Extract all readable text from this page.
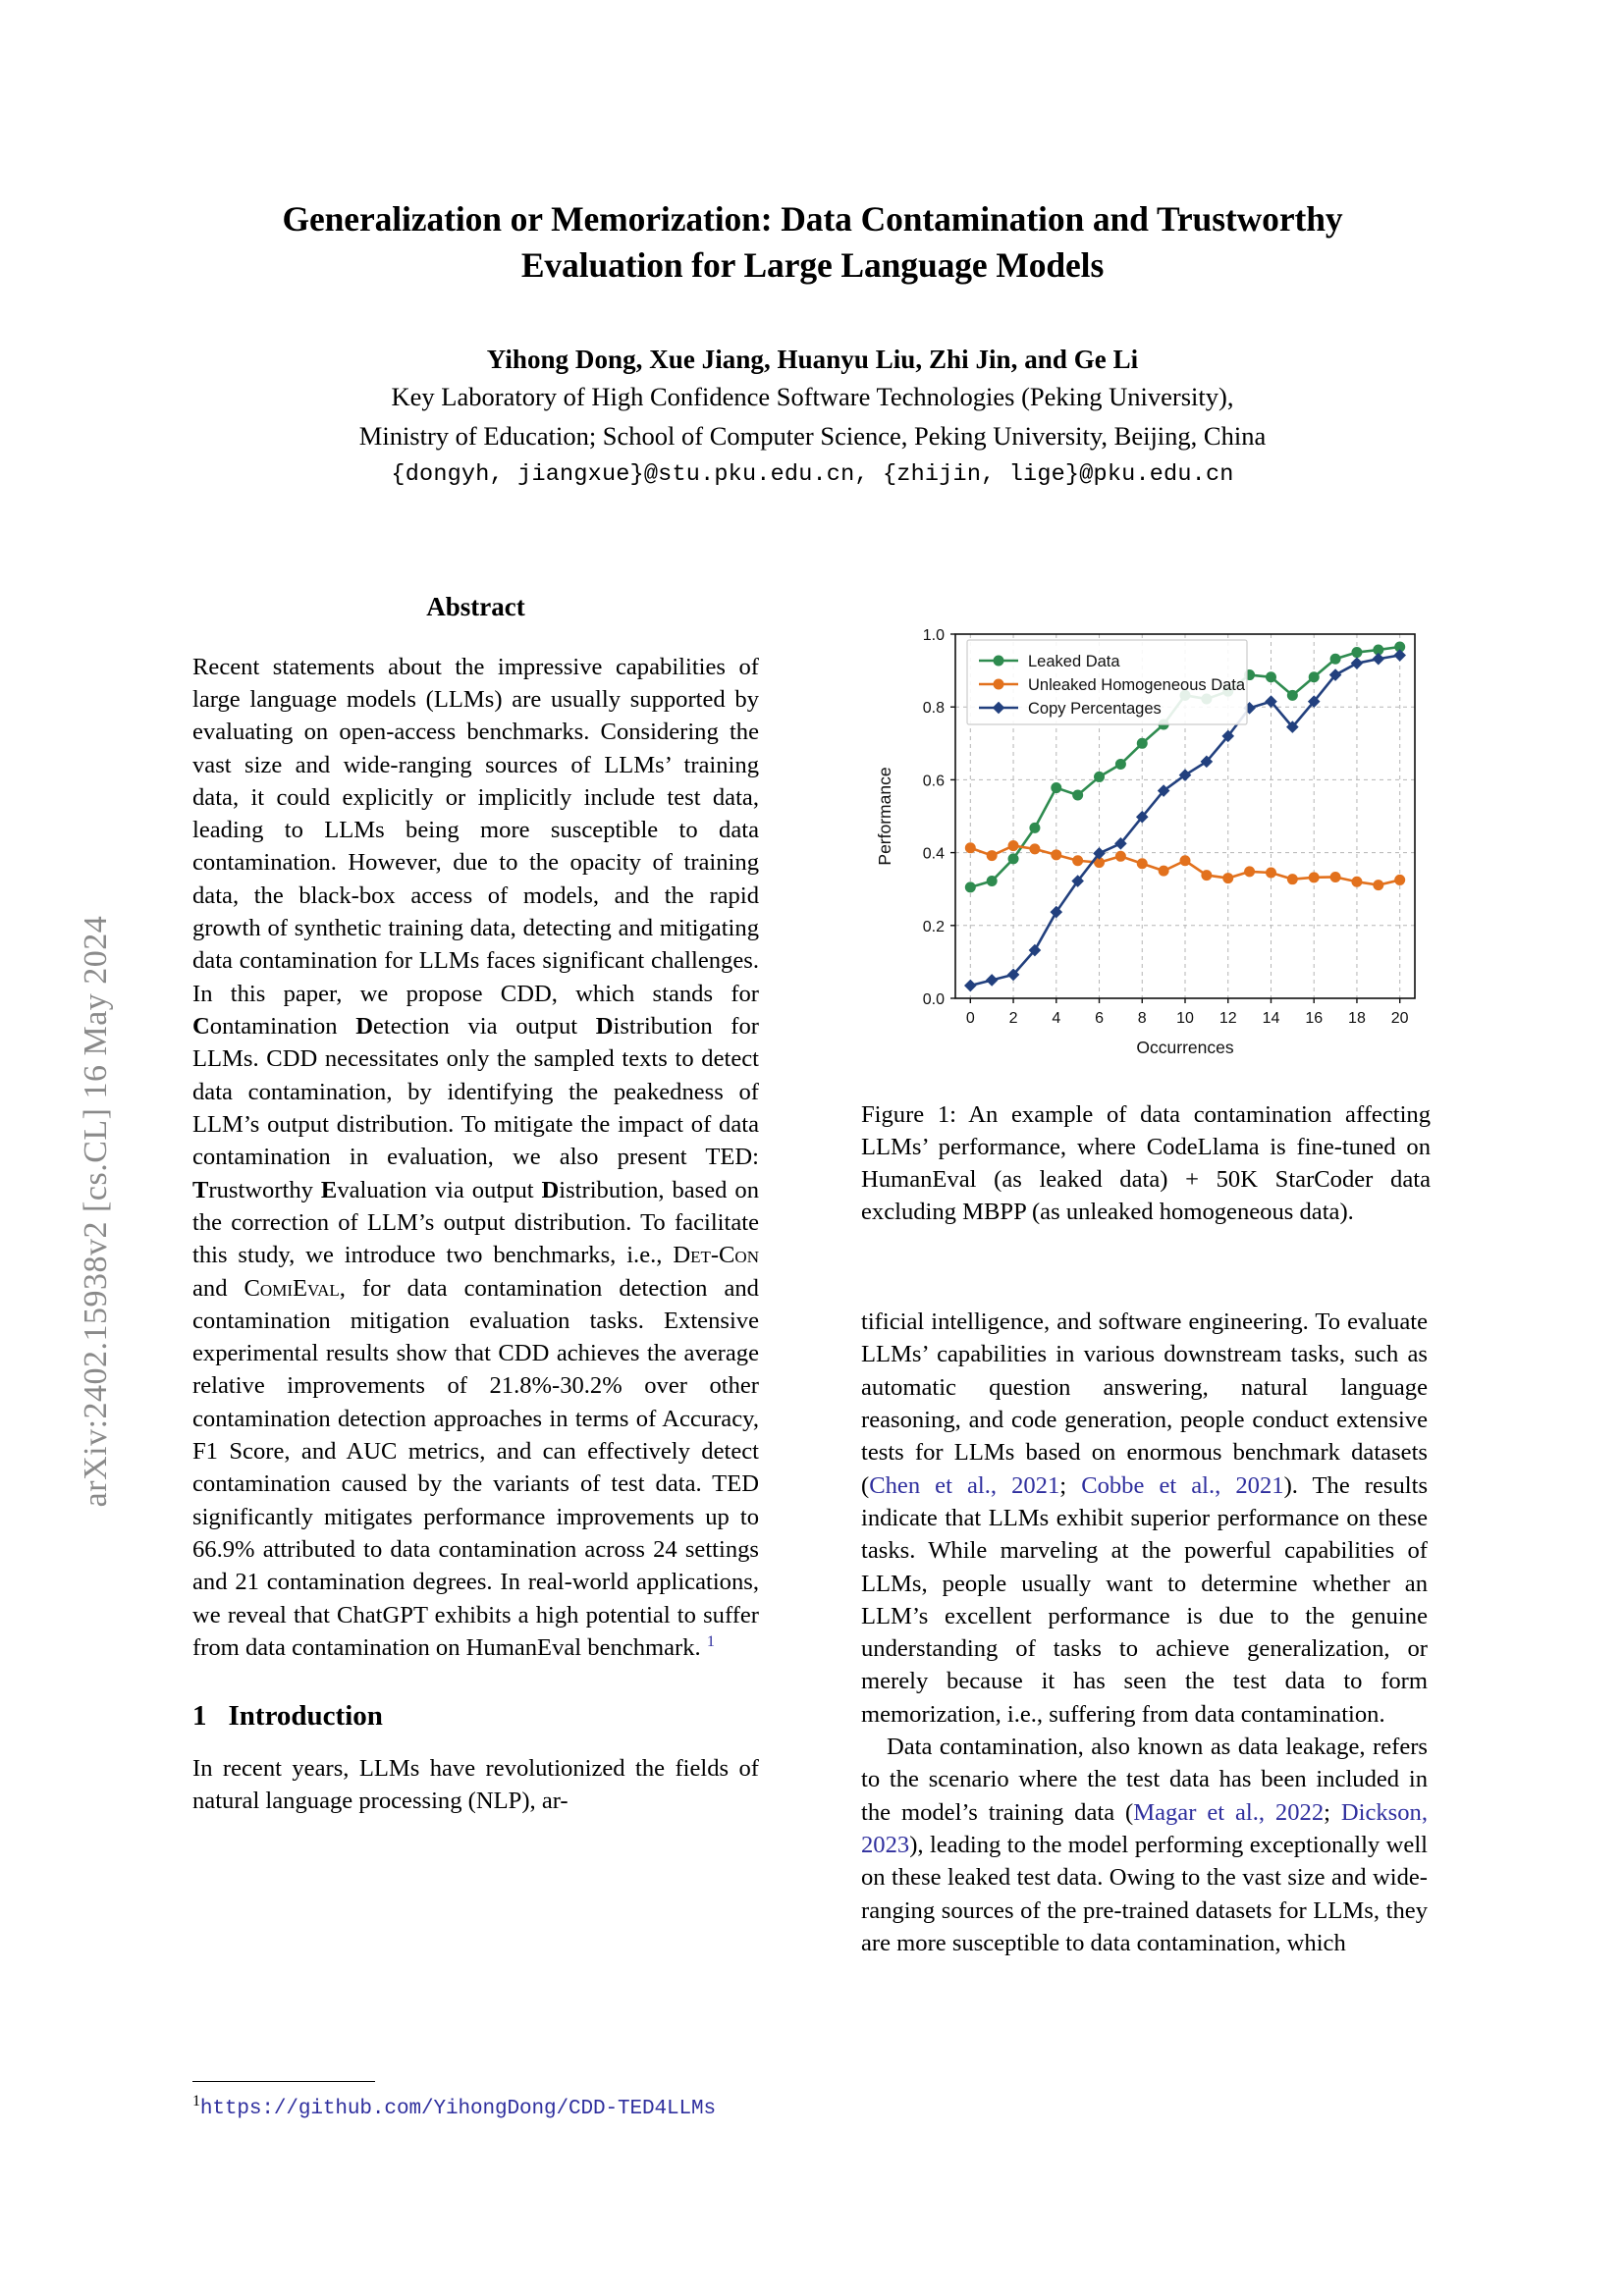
arXiv:2402.15938v2 [cs.CL] 16 May 2024
Generalization or Memorization: Data Contamination and Trustworthy
Evaluation for Large Language Models
Yihong Dong, Xue Jiang, Huanyu Liu, Zhi Jin, and Ge Li
Key Laboratory of High Confidence Software Technologies (Peking University),
Ministry of Education; School of Computer Science, Peking University, Beijing, China
{dongyh, jiangxue}@stu.pku.edu.cn, {zhijin, lige}@pku.edu.cn
Abstract

Recent statements about the impressive capabilities of large language models (LLMs) are usually supported by evaluating on open-access benchmarks. Considering the vast size and wide-ranging sources of LLMs’ training data, it could explicitly or implicitly include test data, leading to LLMs being more susceptible to data contamination. However, due to the opacity of training data, the black-box access of models, and the rapid growth of synthetic training data, detecting and mitigating data contamination for LLMs faces significant challenges. In this paper, we propose CDD, which stands for Contamination Detection via output Distribution for LLMs. CDD necessitates only the sampled texts to detect data contamination, by identifying the peakedness of LLM’s output distribution. To mitigate the impact of data contamination in evaluation, we also present TED: Trustworthy Evaluation via output Distribution, based on the correction of LLM’s output distribution. To facilitate this study, we introduce two benchmarks, i.e., Det-Con and ComiEval, for data contamination detection and contamination mitigation evaluation tasks. Extensive experimental results show that CDD achieves the average relative improvements of 21.8%-30.2% over other contamination detection approaches in terms of Accuracy, F1 Score, and AUC metrics, and can effectively detect contamination caused by the variants of test data. TED significantly mitigates performance improvements up to 66.9% attributed to data contamination across 24 settings and 21 contamination degrees. In real-world applications, we reveal that ChatGPT exhibits a high potential to suffer from data contamination on HumanEval benchmark. $^1$

1 Introduction

In recent years, LLMs have revolutionized the fields of natural language processing (NLP), ar-

$^1$https://github.com/YihongDong/CDD-TED4LLMs
0 2 4 6 8 10 12 14 16 18 20
0.0
0.2
0.4
0.6
0.8
1.0
Occurrences
Performance
Leaked Data
Unleaked Homogeneous Data
Copy Percentages
Figure 1: An example of data contamination affecting LLMs’ performance, where CodeLlama is fine-tuned on HumanEval (as leaked data) + 50K StarCoder data excluding MBPP (as unleaked homogeneous data).

tificial intelligence, and software engineering. To evaluate LLMs’ capabilities in various downstream tasks, such as automatic question answering, natural language reasoning, and code generation, people conduct extensive tests for LLMs based on enormous benchmark datasets (Chen et al., 2021; Cobbe et al., 2021). The results indicate that LLMs exhibit superior performance on these tasks. While marveling at the powerful capabilities of LLMs, people usually want to determine whether an LLM’s excellent performance is due to the genuine understanding of tasks to achieve generalization, or merely because it has seen the test data to form memorization, i.e., suffering from data contamination.

Data contamination, also known as data leakage, refers to the scenario where the test data has been included in the model’s training data (Magar et al., 2022; Dickson, 2023), leading to the model performing exceptionally well on these leaked test data. Owing to the vast size and wide-ranging sources of the pre-trained datasets for LLMs, they are more susceptible to data contamination, which
